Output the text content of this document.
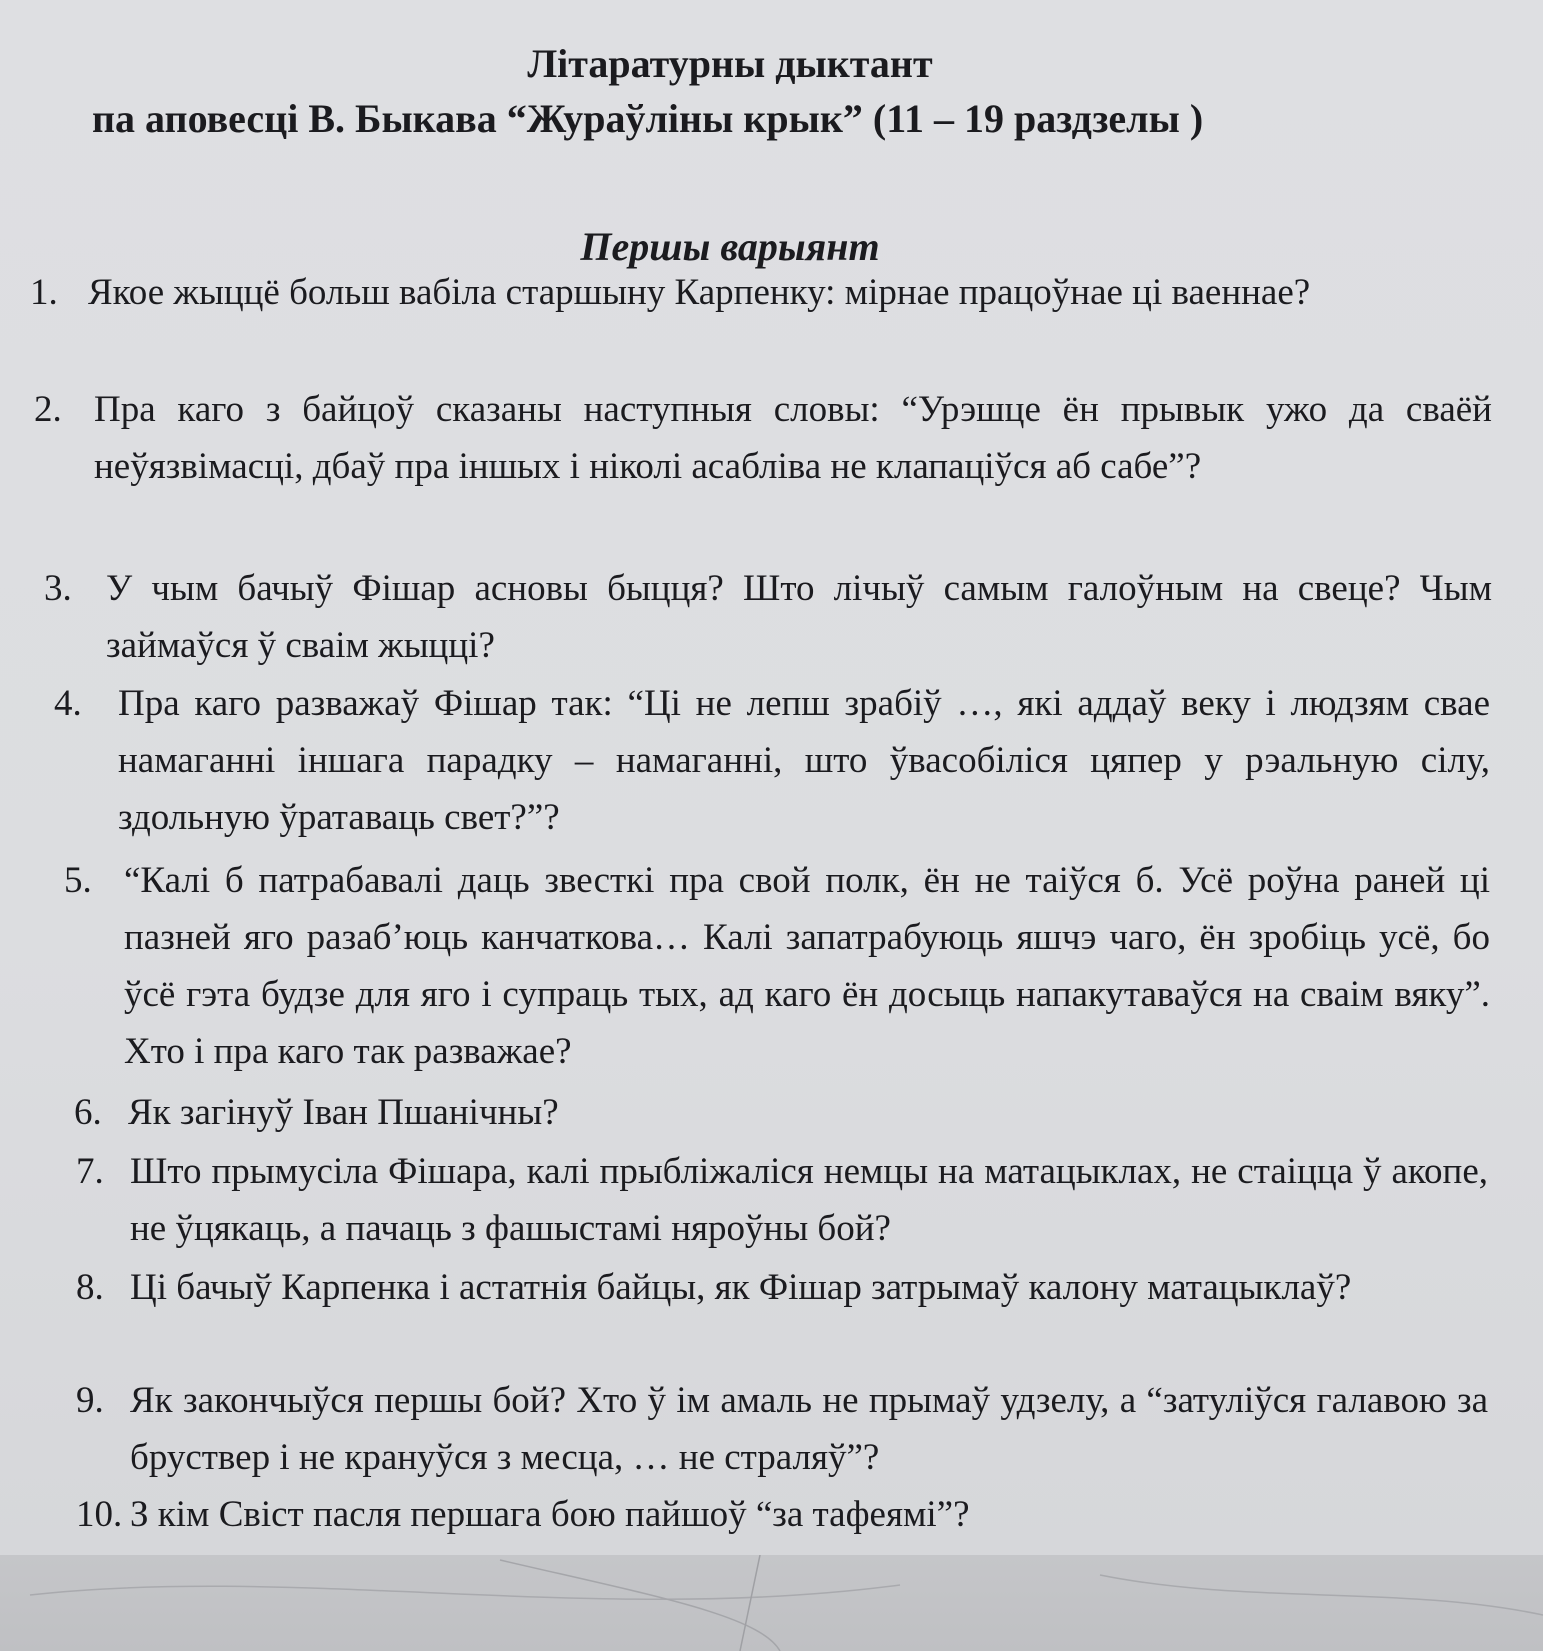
Літаратурны дыктант
па аповесці В. Быкава “Жураўліны крык” (11 – 19 раздзелы )
Першы варыянт
1. Якое жыццё больш вабіла старшыну Карпенку: мірнае працоўнае ці ваеннае?
2. Пра каго з байцоў сказаны наступныя словы: “Урэшце ён прывык ужо да сваёй неўязвімасці, дбаў пра іншых і ніколі асабліва не клапаціўся аб сабе”?
3. У чым бачыў Фішар асновы быцця? Што лічыў самым галоўным на свеце? Чым займаўся ў сваім жыцці?
4. Пра каго разважаў Фішар так: “Ці не лепш зрабіў …, які аддаў веку і людзям свае намаганні іншага парадку – намаганні, што ўвасобіліся цяпер у рэальную сілу, здольную ўратаваць свет?”?
5. “Калі б патрабавалі даць звесткі пра свой полк, ён не таіўся б. Усё роўна раней ці пазней яго разаб’юць канчаткова… Калі запатрабуюць яшчэ чаго, ён зробіць усё, бо ўсё гэта будзе для яго і супраць тых, ад каго ён досыць напакутаваўся на сваім вяку”. Хто і пра каго так разважае?
6. Як загінуў Іван Пшанічны?
7. Што прымусіла Фішара, калі прыбліжаліся немцы на матацыклах, не стаіцца ў акопе, не ўцякаць, а пачаць з фашыстамі няроўны бой?
8. Ці бачыў Карпенка і астатнія байцы, як Фішар затрымаў калону матацыклаў?
9. Як закончыўся першы бой? Хто ў ім амаль не прымаў удзелу, а “затуліўся галавою за бруствер і не крануўся з месца, … не страляў”?
10. З кім Свіст пасля першага бою пайшоў “за тафеямі”?
